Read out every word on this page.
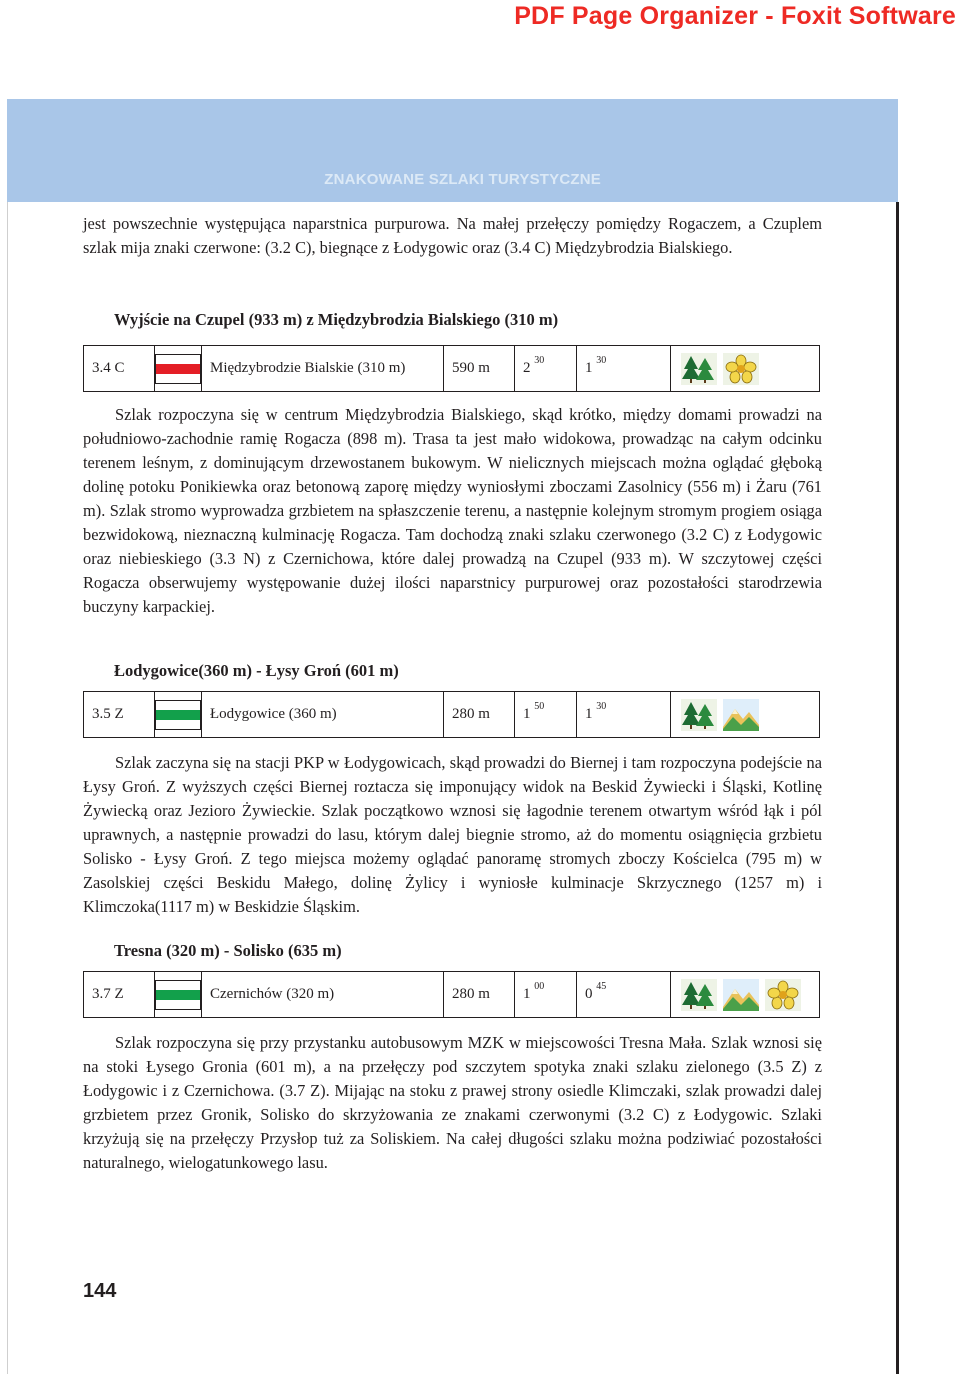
PDF Page Organizer - Foxit Software
ZNAKOWANE SZLAKI TURYSTYCZNE

jest powszechnie występująca naparstnica purpurowa. Na małej przełęczy pomiędzy Rogaczem, a Czuplem szlak mija znaki czerwone: (3.2 C), biegnące z Łodygowic oraz (3.4 C) Międzybrodzia Bialskiego.

Wyjście na Czupel (933 m) z Międzybrodzia Bialskiego (310 m)

3.4 C		Międzybrodzie Bialskie (310 m)	590 m	2 $^{30}$	1 $^{30}$	

Szlak rozpoczyna się w centrum Międzybrodzia Bialskiego, skąd krótko, między domami prowadzi na południowo-zachodnie ramię Rogacza (898 m). Trasa ta jest mało widokowa, prowadząc na całym odcinku terenem leśnym, z dominującym drzewostanem bukowym. W nielicznych miejscach można oglądać głęboką dolinę potoku Ponikiewka oraz betonową zaporę między wyniosłymi zboczami Zasolnicy (556 m) i Żaru (761 m). Szlak stromo wyprowadza grzbietem na spłaszczenie terenu, a następnie kolejnym stromym progiem osiąga bezwidokową, nieznaczną kulminację Rogacza. Tam dochodzą znaki szlaku czerwonego (3.2 C) z Łodygowic oraz niebieskiego (3.3 N) z Czernichowa, które dalej prowadzą na Czupel (933 m). W szczytowej części Rogacza obserwujemy występowanie dużej ilości naparstnicy purpurowej oraz pozostałości starodrzewia buczyny karpackiej.

Łodygowice(360 m) - Łysy Groń (601 m)

3.5 Z		Łodygowice (360 m)	280 m	1 $^{50}$	1 $^{30}$	

Szlak zaczyna się na stacji PKP w Łodygowicach, skąd prowadzi do Biernej i tam rozpoczyna podejście na Łysy Groń. Z wyższych części Biernej roztacza się imponujący widok na Beskid Żywiecki i Śląski, Kotlinę Żywiecką oraz Jezioro Żywieckie. Szlak początkowo wznosi się łagodnie terenem otwartym wśród łąk i pól uprawnych, a następnie prowadzi do lasu, którym dalej biegnie stromo, aż do momentu osiągnięcia grzbietu Solisko - Łysy Groń. Z tego miejsca możemy oglądać panoramę stromych zboczy Kościelca (795 m) w Zasolskiej części Beskidu Małego, dolinę Żylicy i wyniosłe kulminacje Skrzycznego (1257 m) i Klimczoka(1117 m) w Beskidzie Śląskim.

Tresna (320 m) - Solisko (635 m)

3.7 Z		Czernichów (320 m)	280 m	1 $^{00}$	0 $^{45}$	

Szlak rozpoczyna się przy przystanku autobusowym MZK w miejscowości Tresna Mała. Szlak wznosi się na stoki Łysego Gronia (601 m), a na przełęczy pod szczytem spotyka znaki szlaku zielonego (3.5 Z) z Łodygowic i z Czernichowa. (3.7 Z). Mijając na stoku z prawej strony osiedle Klimczaki, szlak prowadzi dalej grzbietem przez Gronik, Solisko do skrzyżowania ze znakami czerwonymi (3.2 C) z Łodygowic. Szlaki krzyżują się na przełęczy Przysłop tuż za Soliskiem. Na całej długości szlaku można podziwiać pozostałości naturalnego, wielogatunkowego lasu.

144
